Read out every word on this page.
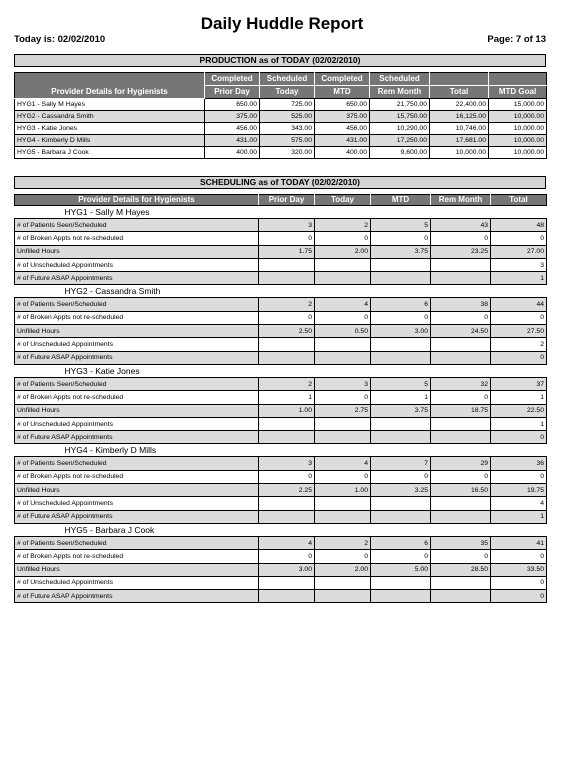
Daily Huddle Report
Today is: 02/02/2010	Page: 7 of 13
PRODUCTION as of TODAY (02/02/2010)
Provider Details for Hygienists	Completed	Scheduled	Completed	Scheduled		
	Prior Day	Today	MTD	Rem Month	Total	MTD Goal
HYG1 - Sally M Hayes	650.00	725.00	650.00	21,750.00	22,400.00	15,000.00
HYG2 - Cassandra Smith	375.00	525.00	375.00	15,750.00	16,125.00	10,000.00
HYG3 - Katie Jones	456.00	343.00	456.00	10,290.00	10,746.00	10,000.00
HYG4 - Kimberly D Mills	431.00	575.00	431.00	17,250.00	17,681.00	10,000.00
HYG5 - Barbara J Cook	400.00	320.00	400.00	9,600.00	10,000.00	10,000.00
SCHEDULING as of TODAY (02/02/2010)
Provider Details for Hygienists	Prior Day	Today	MTD	Rem Month	Total
HYG1 - Sally M Hayes					
# of Patients Seen/Scheduled	3	2	5	43	48
# of Broken Appts not re-scheduled	0	0	0	0	0
Unfilled Hours	1.75	2.00	3.75	23.25	27.00
# of Unscheduled Appointments					3
# of Future ASAP Appointments					1
HYG2 - Cassandra Smith					
# of Patients Seen/Scheduled	2	4	6	38	44
# of Broken Appts not re-scheduled	0	0	0	0	0
Unfilled Hours	2.50	0.50	3.00	24.50	27.50
# of Unscheduled Appointments					2
# of Future ASAP Appointments					0
HYG3 - Katie Jones					
# of Patients Seen/Scheduled	2	3	5	32	37
# of Broken Appts not re-scheduled	1	0	1	0	1
Unfilled Hours	1.00	2.75	3.75	18.75	22.50
# of Unscheduled Appointments					1
# of Future ASAP Appointments					0
HYG4 - Kimberly D Mills					
# of Patients Seen/Scheduled	3	4	7	29	36
# of Broken Appts not re-scheduled	0	0	0	0	0
Unfilled Hours	2.25	1.00	3.25	16.50	19.75
# of Unscheduled Appointments					4
# of Future ASAP Appointments					1
HYG5 - Barbara J Cook					
# of Patients Seen/Scheduled	4	2	6	35	41
# of Broken Appts not re-scheduled	0	0	0	0	0
Unfilled Hours	3.00	2.00	5.00	28.50	33.50
# of Unscheduled Appointments					0
# of Future ASAP Appointments					0
